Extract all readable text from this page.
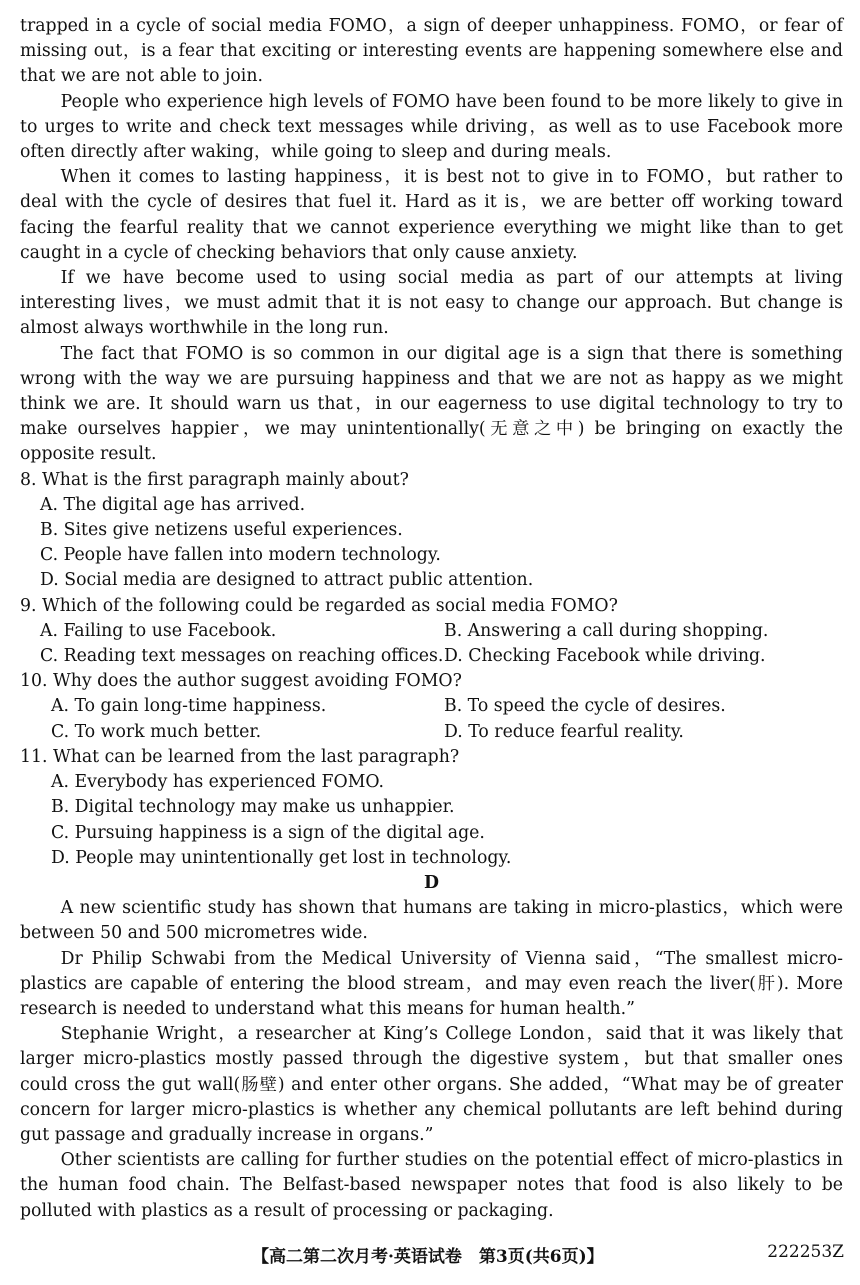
trapped in a cycle of social media FOMO，a sign of deeper unhappiness. FOMO，or fear of missing out，is a fear that exciting or interesting events are happening somewhere else and that we are not able to join.

People who experience high levels of FOMO have been found to be more likely to give in to urges to write and check text messages while driving，as well as to use Facebook more often directly after waking，while going to sleep and during meals.

When it comes to lasting happiness，it is best not to give in to FOMO，but rather to deal with the cycle of desires that fuel it. Hard as it is，we are better off working toward facing the fearful reality that we cannot experience everything we might like than to get caught in a cycle of checking behaviors that only cause anxiety.

If we have become used to using social media as part of our attempts at living interesting lives，we must admit that it is not easy to change our approach. But change is almost always worthwhile in the long run.

The fact that FOMO is so common in our digital age is a sign that there is something wrong with the way we are pursuing happiness and that we are not as happy as we might think we are. It should warn us that，in our eagerness to use digital technology to try to make ourselves happier，we may unintentionally(无意之中) be bringing on exactly the opposite result.

8. What is the first paragraph mainly about?
A. The digital age has arrived.
B. Sites give netizens useful experiences.
C. People have fallen into modern technology.
D. Social media are designed to attract public attention.
9. Which of the following could be regarded as social media FOMO?
A. Failing to use Facebook.	B. Answering a call during shopping.
C. Reading text messages on reaching offices. D. Checking Facebook while driving.
10. Why does the author suggest avoiding FOMO?
A. To gain long-time happiness.	B. To speed the cycle of desires.
C. To work much better.	D. To reduce fearful reality.
11. What can be learned from the last paragraph?
A. Everybody has experienced FOMO.
B. Digital technology may make us unhappier.
C. Pursuing happiness is a sign of the digital age.
D. People may unintentionally get lost in technology.
D

A new scientific study has shown that humans are taking in micro-plastics，which were between 50 and 500 micrometres wide.

Dr Philip Schwabi from the Medical University of Vienna said，“The smallest micro-plastics are capable of entering the blood stream，and may even reach the liver(肝). More research is needed to understand what this means for human health.”

Stephanie Wright，a researcher at King’s College London，said that it was likely that larger micro-plastics mostly passed through the digestive system，but that smaller ones could cross the gut wall(肠壁) and enter other organs. She added，“What may be of greater concern for larger micro-plastics is whether any chemical pollutants are left behind during gut passage and gradually increase in organs.”

Other scientists are calling for further studies on the potential effect of micro-plastics in the human food chain. The Belfast-based newspaper notes that food is also likely to be polluted with plastics as a result of processing or packaging.

【高二第二次月考·英语试卷　第3页(共6页)】	222253Z
